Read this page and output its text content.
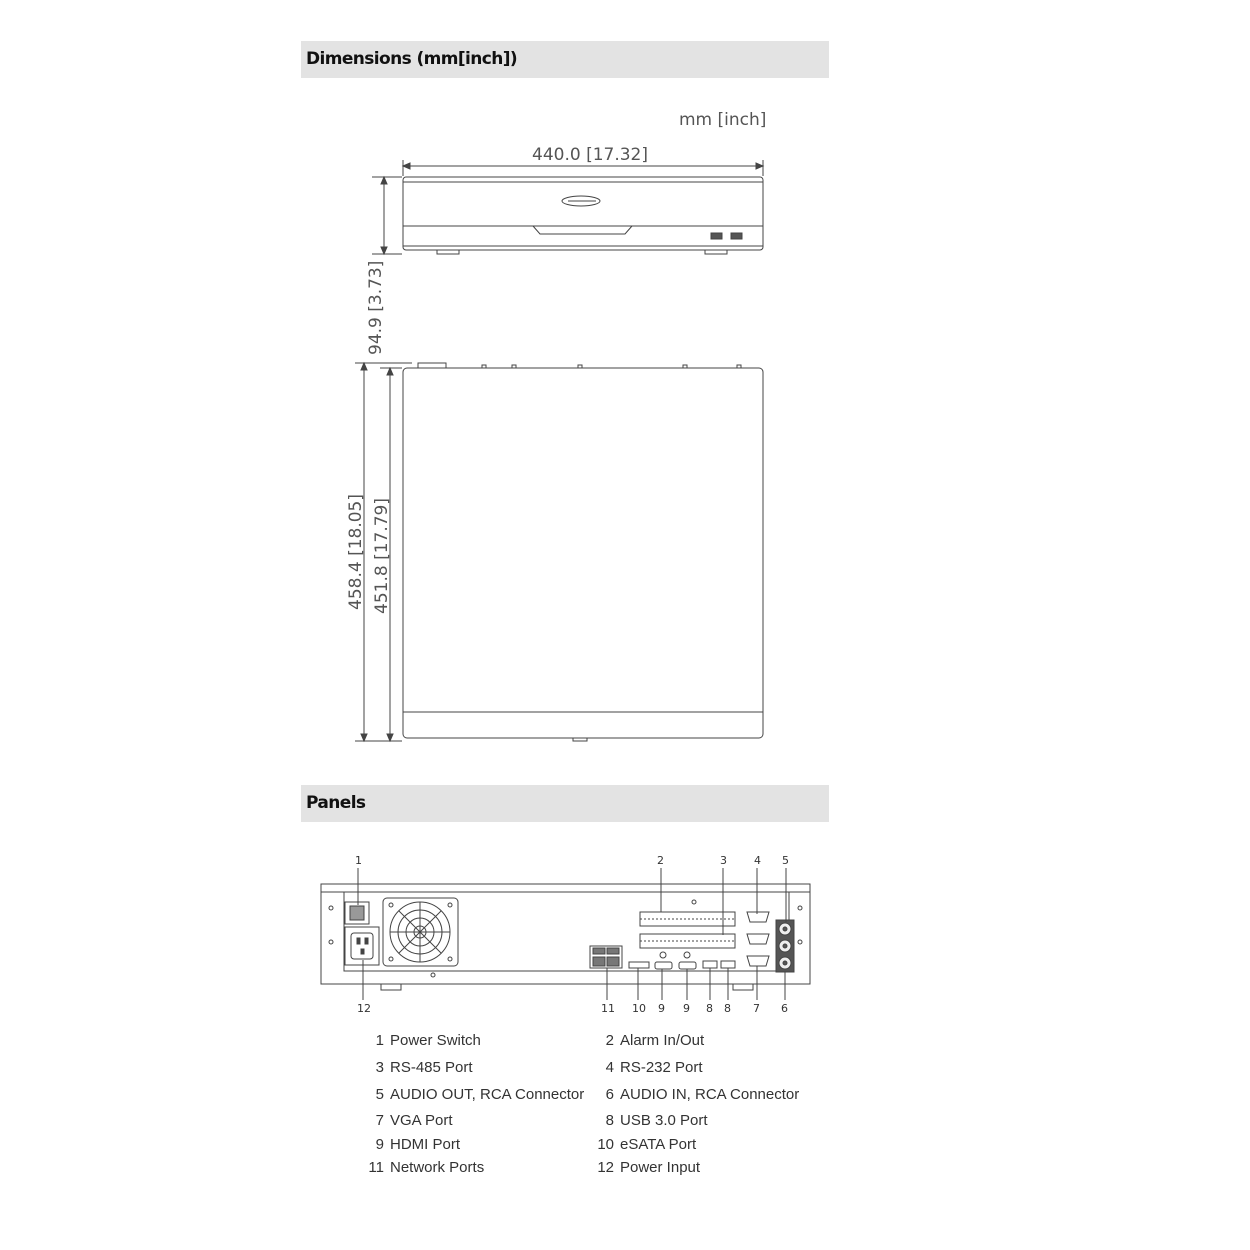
Dimensions (mm[inch])
Panels
mm [inch]
440.0 [17.32]
94.9 [3.73]
458.4 [18.05] 451.8 [17.79]
1	2	3 4 5
12	11 10 9 9 8 8 7 6
1 Power Switch	2 Alarm In/Out
3 RS-485 Port	4 RS-232 Port
5 AUDIO OUT, RCA Connector	6 AUDIO IN, RCA Connector
7 VGA Port	8 USB 3.0 Port
9 HDMI Port	10 eSATA Port
11 Network Ports	12 Power Input
